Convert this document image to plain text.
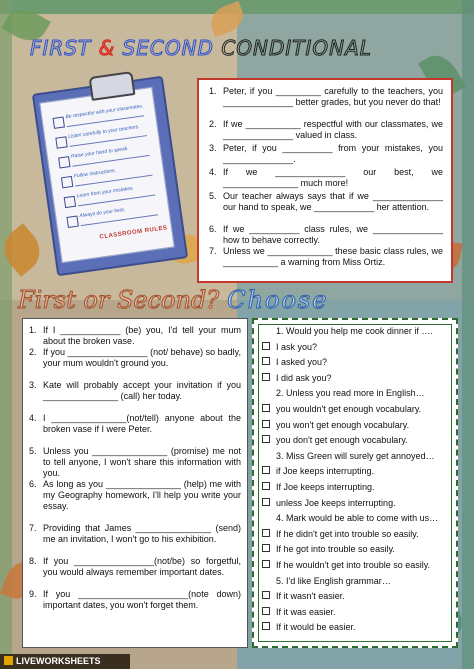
FIRST & SECOND CONDITIONAL
Be respectful with your classmates.
Listen carefully to your teachers.
Raise your hand to speak.
Follow instructions.
Learn from your mistakes.
Always do your best.
CLASSROOM RULES
1. Peter, if you _________ carefully to the teachers, you ______________ better grades, but you never do that!
2. If we ___________ respectful with our classmates, we ______________ valued in class.
3. Peter, if you __________ from your mistakes, you ______________.
4. If we ______________ our best, we _______________ much more!
5. Our teacher always says that if we ______________ our hand to speak, we ____________ her attention.
6. If we __________ class rules, we ______________ how to behave correctly.
7. Unless we _____________ these basic class rules, we ___________ a warning from Miss Ortiz.
First or Second? Choose
1. If I ____________ (be) you, I'd tell your mum about the broken vase.
2. If you ________________ (not/ behave) so badly, your mum wouldn't ground you.
3. Kate will probably accept your invitation if you _______________ (call) her today.
4. I _______________(not/tell) anyone about the broken vase if I were Peter.
5. Unless you _______________ (promise) me not to tell anyone, I won't share this information with you.
6. As long as you _______________ (help) me with my Geography homework, I'll help you write your essay.
7. Providing that James _______________ (send) me an invitation, I won't go to his exhibition.
8. If you ________________(not/be) so forgetful, you would always remember important dates.
9. If you ______________________(note down) important dates, you won't forget them.
1. Would you help me cook dinner if ….
I ask you?
I asked you?
I did ask you?
2. Unless you read more in English…
you wouldn't get enough vocabulary.
you won't get enough vocabulary.
you don't get enough vocabulary.
3. Miss Green will surely get annoyed…
if Joe keeps interrupting.
If Joe keeps interrupting.
unless Joe keeps interrupting.
4. Mark would be able to come with us…
If he didn't get into trouble so easily.
If he got into trouble so easily.
If he wouldn't get into trouble so easily.
5. I'd like English grammar…
If it wasn't easier.
If it was easier.
If it would be easier.
LIVEWORKSHEETS
